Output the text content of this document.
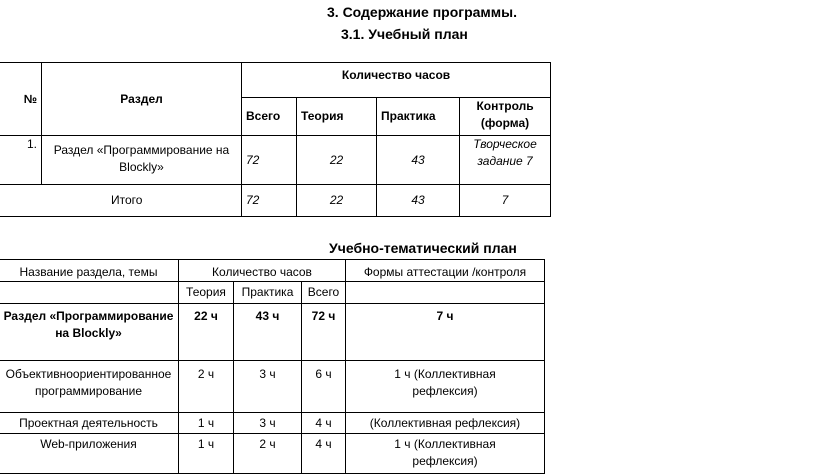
3. Содержание программы.
3.1. Учебный план
№	Раздел	Количество часов			
		Всего	Теория	Практика	Контроль (форма)
1.	Раздел «Программирование на Blockly»	72	22	43	Творческое задание 7
Итого		72	22	43	7
Учебно-тематический план
Название раздела, темы	Количество часов			Формы аттестации /контроля
	Теория	Практика	Всего	
Раздел «Программирование на Blockly»	22 ч	43 ч	72 ч	7 ч
Объективноориентированное программирование	2 ч	3 ч	6 ч	1 ч (Коллективная рефлексия)
Проектная деятельность	1 ч	3 ч	4 ч	(Коллективная рефлексия)
Web-приложения	1 ч	2 ч	4 ч	1 ч (Коллективная рефлексия)
